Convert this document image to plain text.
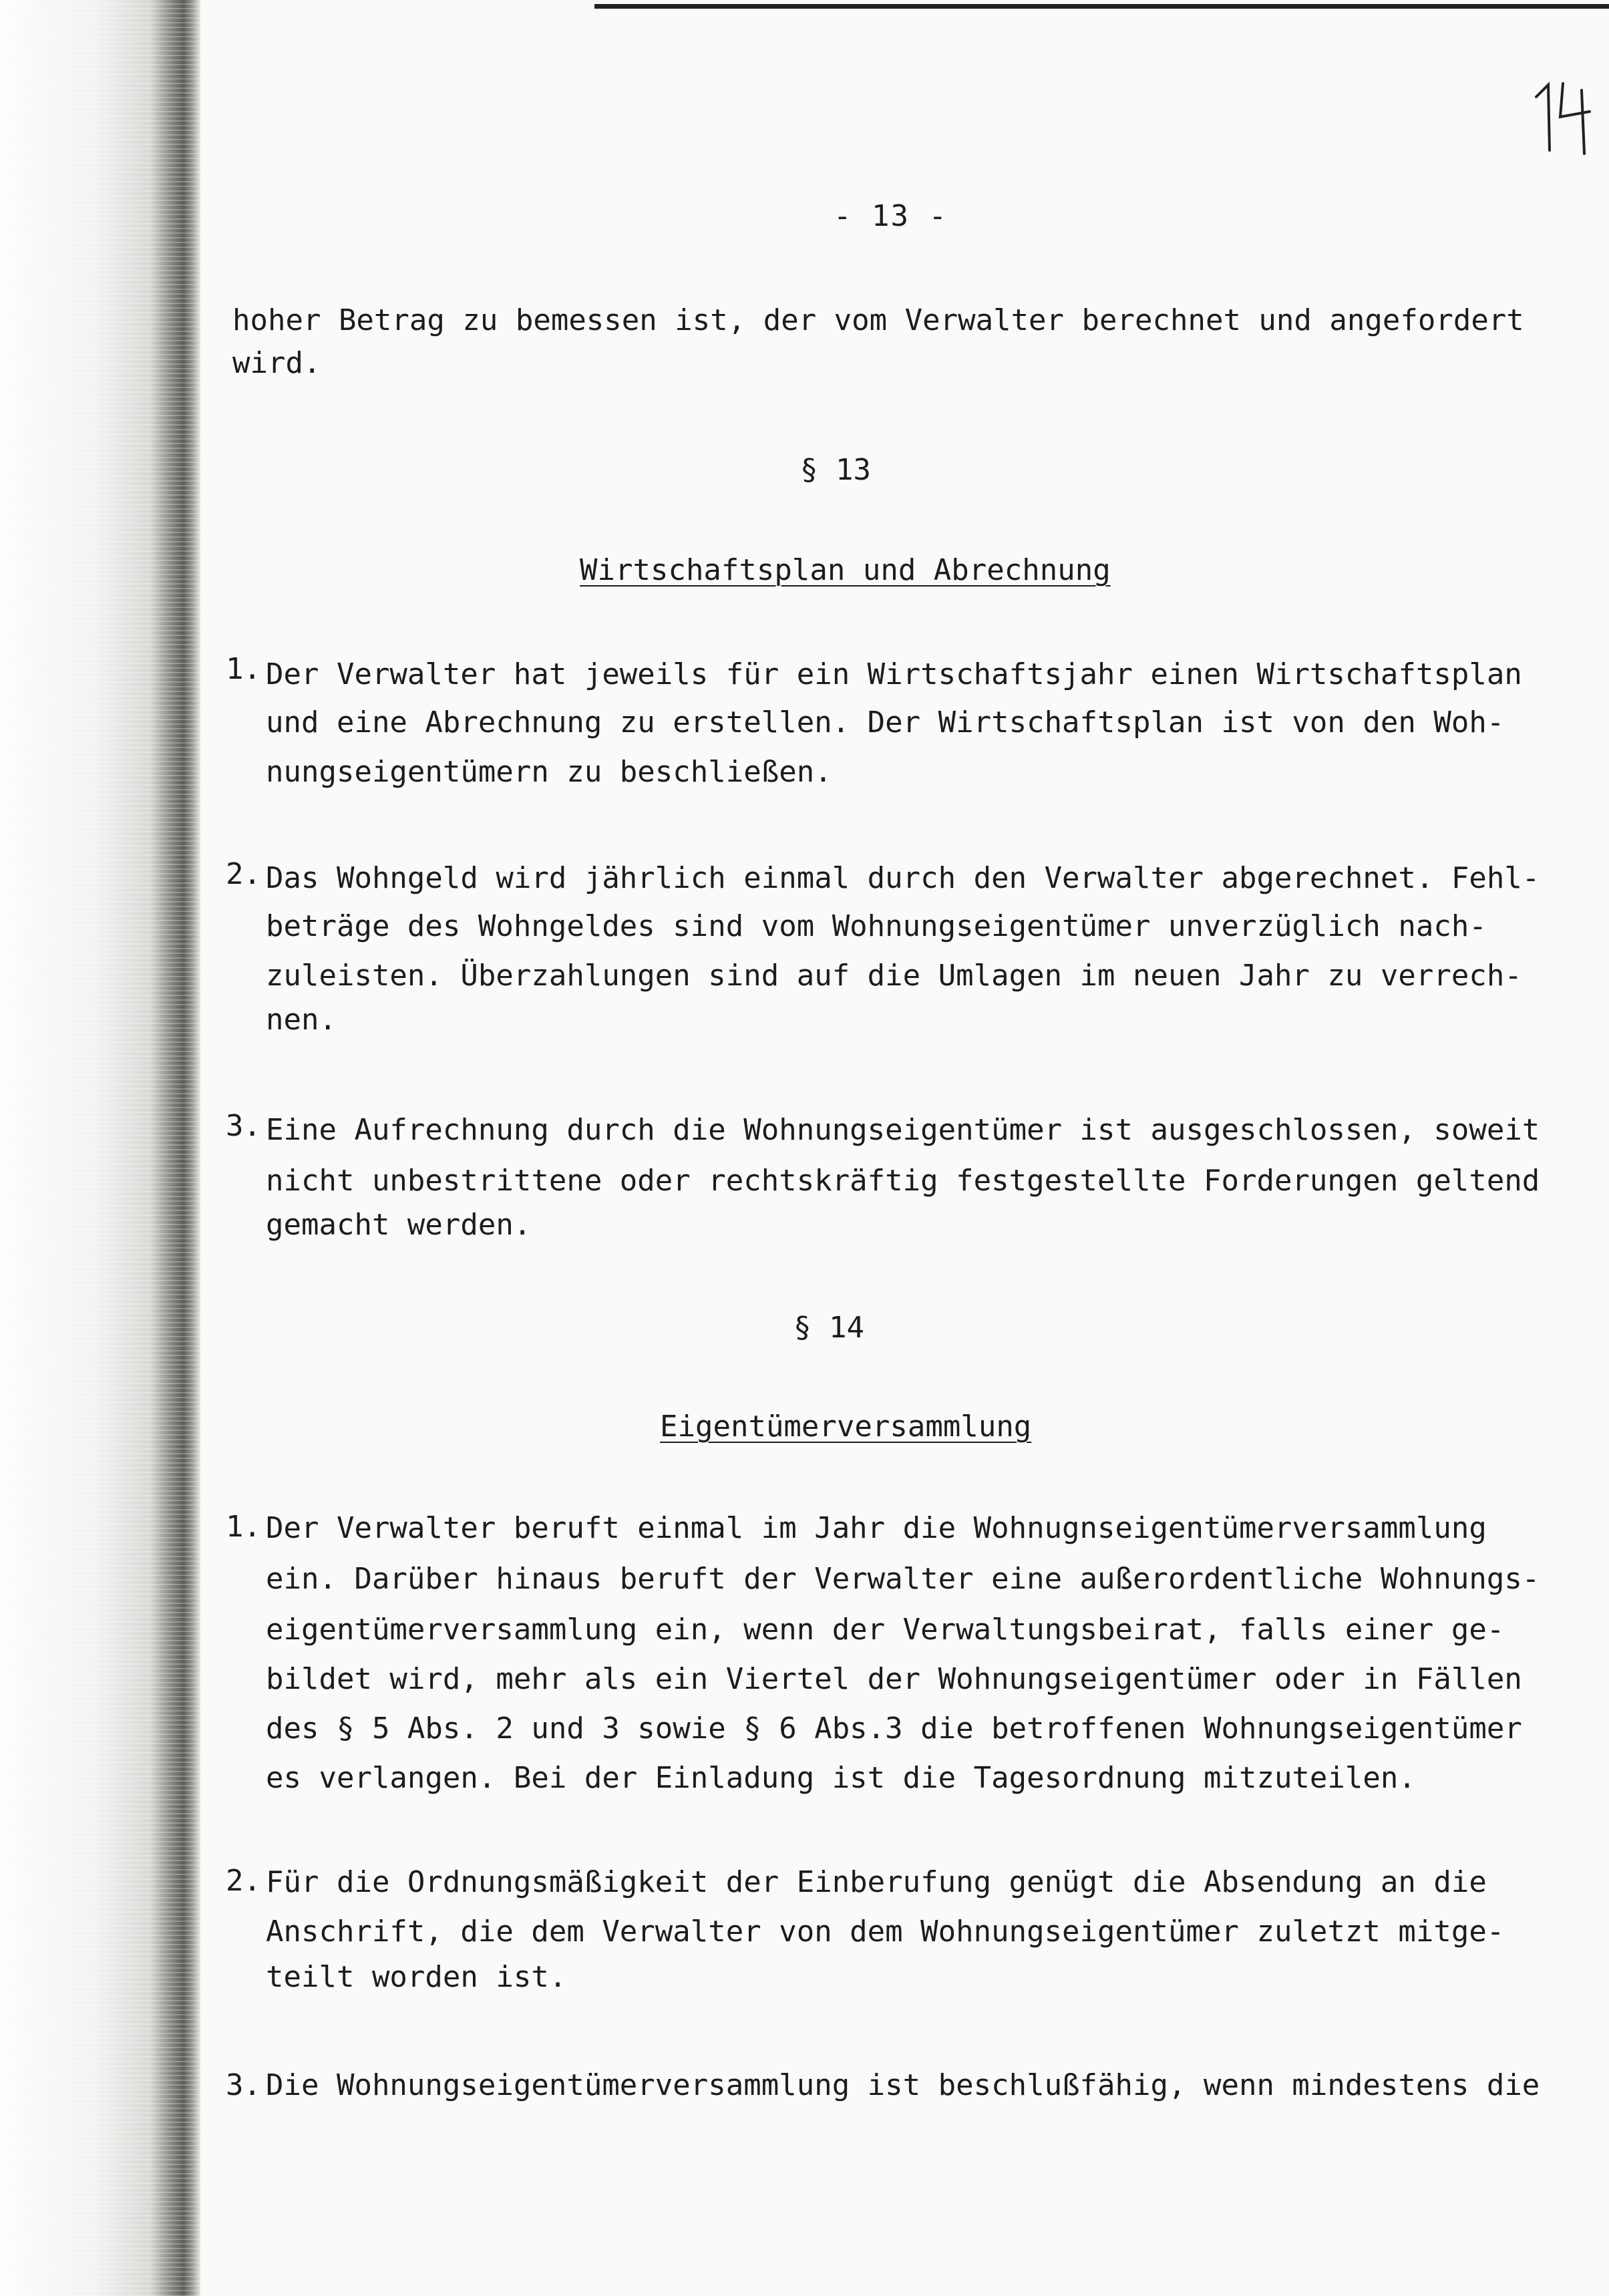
- 13 -
hoher Betrag zu bemessen ist, der vom Verwalter berechnet und angefordert
wird.
§ 13
Wirtschaftsplan und Abrechnung
1. Der Verwalter hat jeweils für ein Wirtschaftsjahr einen Wirtschaftsplan
und eine Abrechnung zu erstellen. Der Wirtschaftsplan ist von den Woh-
nungseigentümern zu beschließen.
2. Das Wohngeld wird jährlich einmal durch den Verwalter abgerechnet. Fehl-
beträge des Wohngeldes sind vom Wohnungseigentümer unverzüglich nach-
zuleisten. Überzahlungen sind auf die Umlagen im neuen Jahr zu verrech-
nen.
3. Eine Aufrechnung durch die Wohnungseigentümer ist ausgeschlossen, soweit
nicht unbestrittene oder rechtskräftig festgestellte Forderungen geltend
gemacht werden.
§ 14
Eigentümerversammlung
1. Der Verwalter beruft einmal im Jahr die Wohnugnseigentümerversammlung
ein. Darüber hinaus beruft der Verwalter eine außerordentliche Wohnungs-
eigentümerversammlung ein, wenn der Verwaltungsbeirat, falls einer ge-
bildet wird, mehr als ein Viertel der Wohnungseigentümer oder in Fällen
des § 5 Abs. 2 und 3 sowie § 6 Abs.3 die betroffenen Wohnungseigentümer
es verlangen. Bei der Einladung ist die Tagesordnung mitzuteilen.
2. Für die Ordnungsmäßigkeit der Einberufung genügt die Absendung an die
Anschrift, die dem Verwalter von dem Wohnungseigentümer zuletzt mitge-
teilt worden ist.
3. Die Wohnungseigentümerversammlung ist beschlußfähig, wenn mindestens die
